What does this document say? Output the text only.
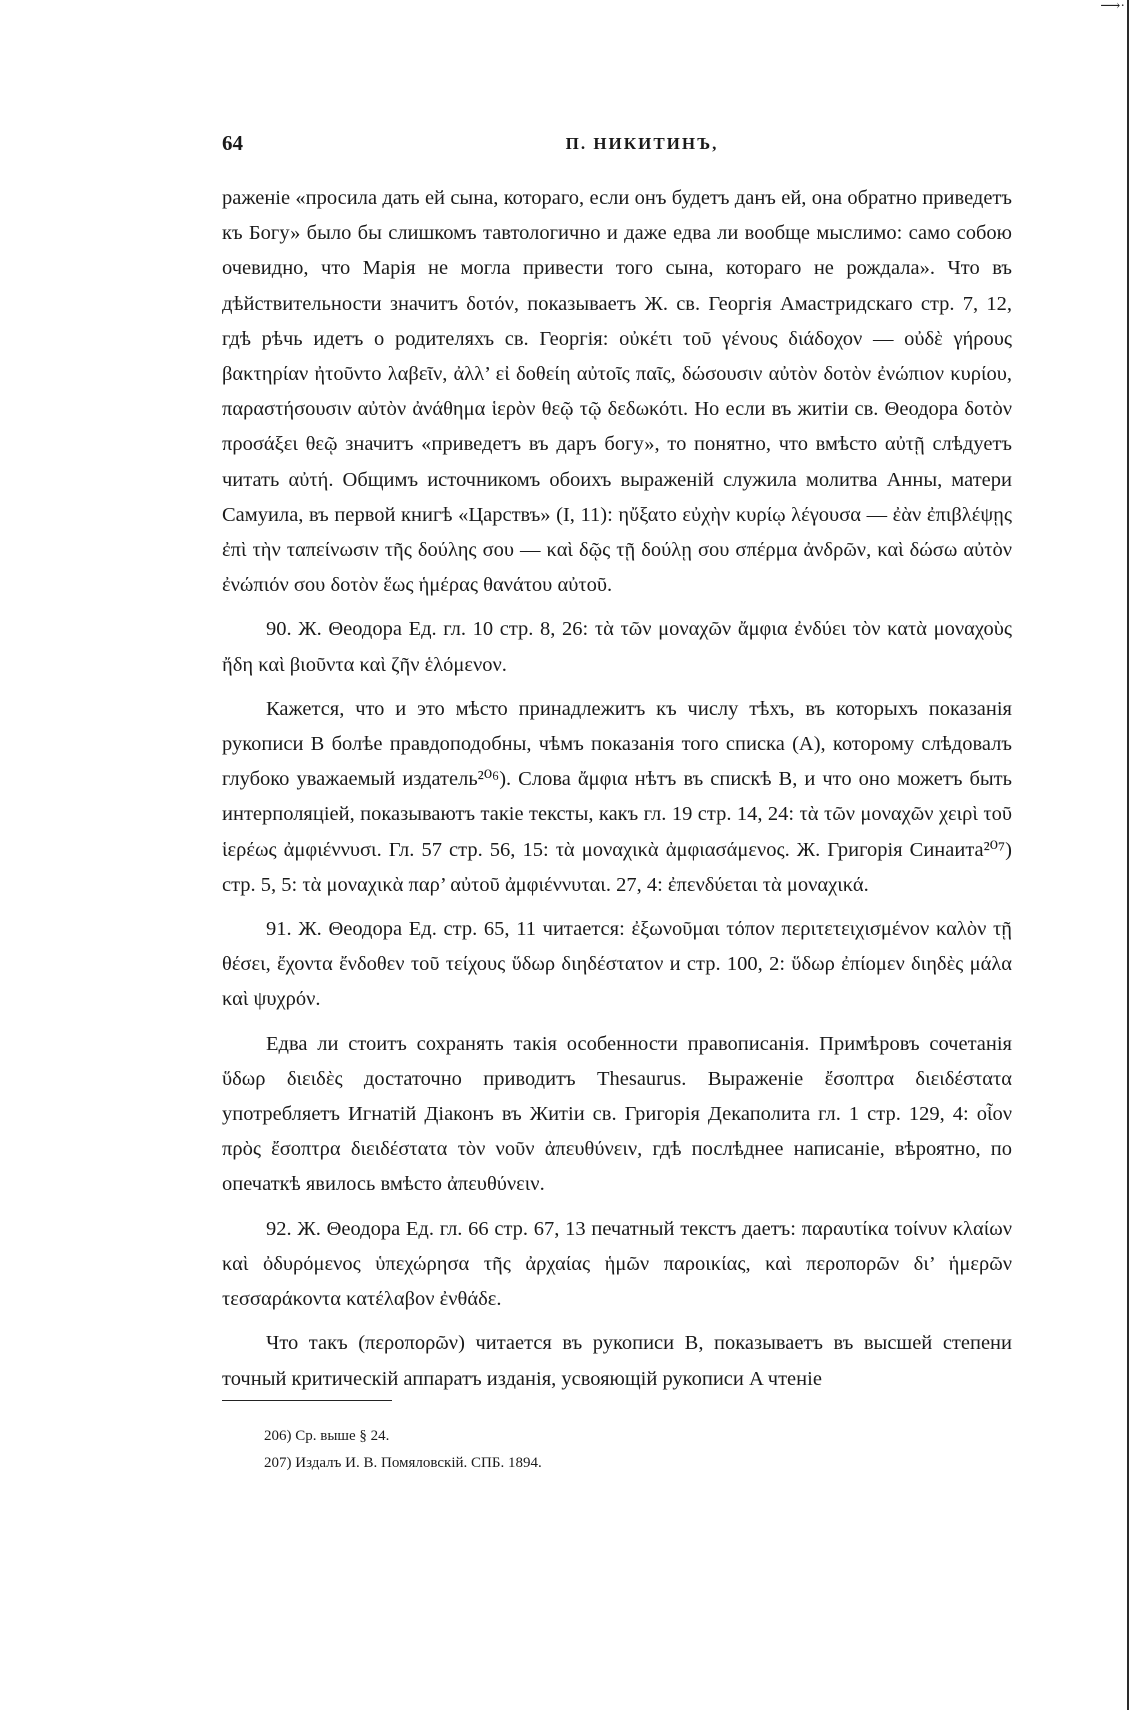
⟶·
64	П. НИКИТИНЪ,

раженіе «просила дать ей сына, котораго, если онъ будетъ данъ ей, она обратно приведетъ къ Богу» было бы слишкомъ тавтологично и даже едва ли вообще мыслимо: само собою очевидно, что Марія не могла привести того сына, котораго не рождала». Что въ дѣйствительности значитъ δοτόν, показываетъ Ж. св. Георгія Амастридскаго стр. 7, 12, гдѣ рѣчь идетъ о родителяхъ св. Георгія: οὐκέτι τοῦ γένους διάδοχον — οὐδὲ γήρους βακτηρίαν ἠτοῦντο λαβεῖν, ἀλλ’ εἰ δοθείη αὐτοῖς παῖς, δώσουσιν αὐτὸν δοτὸν ἐνώπιον κυρίου, παραστήσουσιν αὐτὸν ἀνάθημα ἱερὸν θεῷ τῷ δεδωκότι. Но если въ житіи св. Θеодора δοτὸν προσάξει θεῷ значитъ «приведетъ въ даръ богу», то понятно, что вмѣсто αὐτῇ слѣдуетъ читать αὐτή. Общимъ источникомъ обоихъ выраженій служила молитва Анны, матери Самуила, въ первой книгѣ «Царствъ» (I, 11): ηὔξατο εὐχὴν κυρίῳ λέγουσα — ἐὰν ἐπιβλέψῃς ἐπὶ τὴν ταπείνωσιν τῆς δούλης σου — καὶ δῷς τῇ δούλῃ σου σπέρμα ἀνδρῶν, καὶ δώσω αὐτὸν ἐνώπιόν σου δοτὸν ἕως ἡμέρας θανάτου αὐτοῦ.

90. Ж. Θеодора Ед. гл. 10 стр. 8, 26: τὰ τῶν μοναχῶν ἄμφια ἐνδύει τὸν κατὰ μοναχοὺς ἤδη καὶ βιοῦντα καὶ ζῆν ἑλόμενον.

Кажется, что и это мѣсто принадлежитъ къ числу тѣхъ, въ которыхъ показанія рукописи B болѣе правдоподобны, чѣмъ показанія того списка (A), которому слѣдовалъ глубоко уважаемый издатель²⁰⁶). Слова ἄμφια нѣтъ въ спискѣ B, и что оно можетъ быть интерполяціей, показываютъ такіе тексты, какъ гл. 19 стр. 14, 24: τὰ τῶν μοναχῶν χειρὶ τοῦ ἱερέως ἀμφιέννυσι. Гл. 57 стр. 56, 15: τὰ μοναχικὰ ἀμφιασάμενος. Ж. Григорія Синаита²⁰⁷) стр. 5, 5: τὰ μοναχικὰ παρ’ αὐτοῦ ἀμφιέννυται. 27, 4: ἐπενδύεται τὰ μοναχικά.

91. Ж. Θеодора Ед. стр. 65, 11 читается: ἐξωνοῦμαι τόπον περιτετειχισμένον καλὸν τῇ θέσει, ἔχοντα ἔνδοθεν τοῦ τείχους ὕδωρ διηδέστατον и стр. 100, 2: ὕδωρ ἐπίομεν διηδὲς μάλα καὶ ψυχρόν.

Едва ли стоитъ сохранять такія особенности правописанія. Примѣровъ сочетанія ὕδωρ διειδὲς достаточно приводитъ Thesaurus. Выраженіе ἔσοπτρα διειδέστατα употребляетъ Игнатій Діаконъ въ Житіи св. Григорія Декаполита гл. 1 стр. 129, 4: οἷον πρὸς ἔσοπτρα διειδέστατα τὸν νοῦν ἀπευθύνειν, гдѣ послѣднее написаніе, вѣроятно, по опечаткѣ явилось вмѣсто ἀπευθύνειν.

92. Ж. Θеодора Ед. гл. 66 стр. 67, 13 печатный текстъ даетъ: παραυτίκα τοίνυν κλαίων καὶ ὀδυρόμενος ὑπεχώρησα τῆς ἀρχαίας ἡμῶν παροικίας, καὶ περοπορῶν δι’ ἡμερῶν τεσσαράκοντα κατέλαβον ἐνθάδε.

Что такъ (περοπορῶν) читается въ рукописи B, показываетъ въ высшей степени точный критическій аппаратъ изданія, усвояющій рукописи A чтеніе

206) Ср. выше § 24.
207) Издалъ И. В. Помяловскій. СПБ. 1894.
